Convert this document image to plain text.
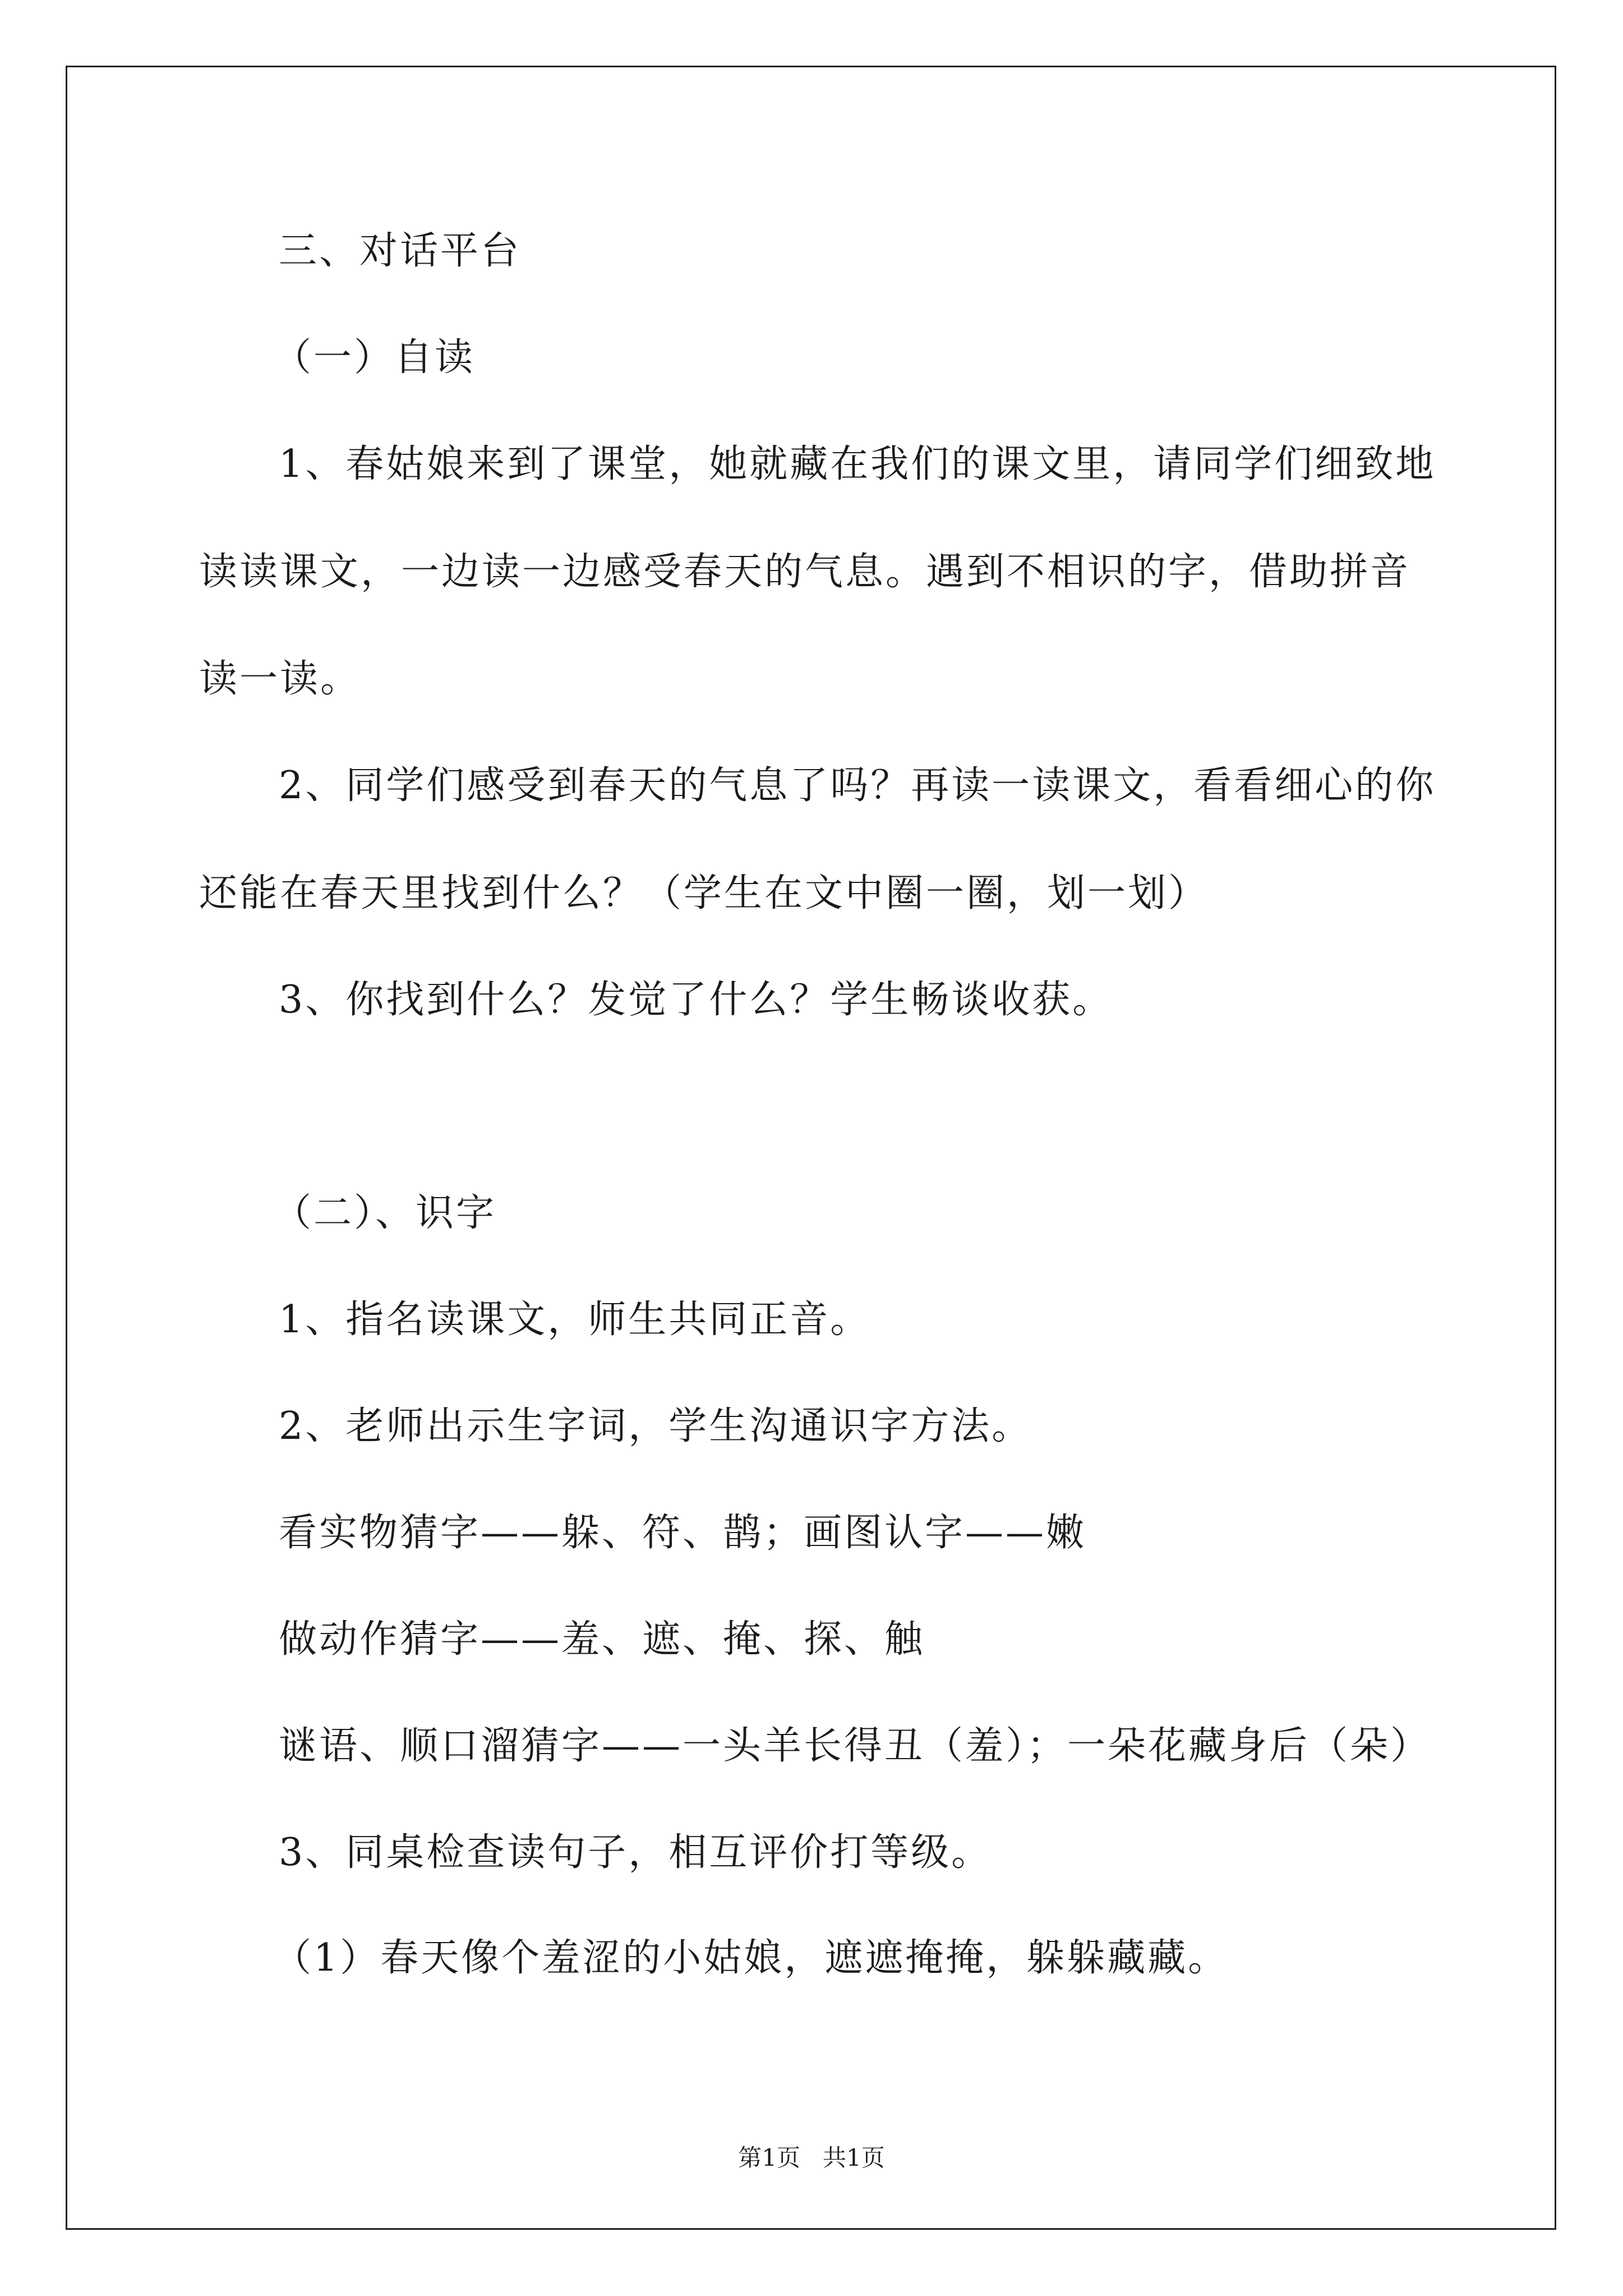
三、对话平台
（一）自读
1、春姑娘来到了课堂，她就藏在我们的课文里，请同学们细致地
读读课文，一边读一边感受春天的气息。遇到不相识的字，借助拼音
读一读。
2、同学们感受到春天的气息了吗？再读一读课文，看看细心的你
还能在春天里找到什么？（学生在文中圈一圈，划一划）
3、你找到什么？发觉了什么？学生畅谈收获。
（二）、识字
1、指名读课文，师生共同正音。
2、老师出示生字词，学生沟通识字方法。
看实物猜字——躲、符、鹊；画图认字——嫩
做动作猜字——羞、遮、掩、探、触
谜语、顺口溜猜字——一头羊长得丑（羞）；一朵花藏身后（朵）
3、同桌检查读句子，相互评价打等级。
（1）春天像个羞涩的小姑娘，遮遮掩掩，躲躲藏藏。
第1页   共1页
